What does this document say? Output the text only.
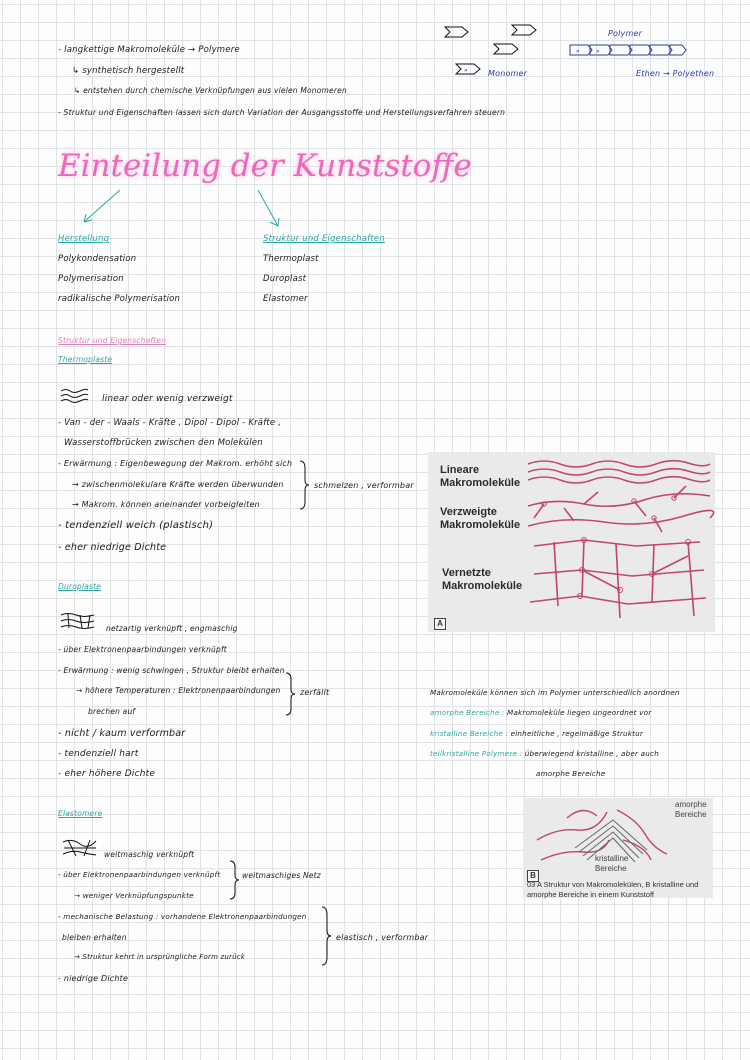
- langkettige Makromoleküle → Polymere
↳ synthetisch hergestellt
↳ entstehen durch chemische Verknüpfungen aus vielen Monomeren
- Struktur und Eigenschaften lassen sich durch Variation der Ausgangsstoffe und Herstellungsverfahren steuern
»	»
»
Polymer
Monomer	Ethen → Polyethen
Einteilung der Kunststoffe
Herstellung
Polykondensation
Polymerisation
radikalische Polymerisation
Struktur und Eigenschaften
Thermoplast
Duroplast
Elastomer
Struktur und Eigenschaften
Thermoplaste
linear oder wenig verzweigt
- Van - der - Waals - Kräfte , Dipol - Dipol - Kräfte ,
Wasserstoffbrücken zwischen den Molekülen
- Erwärmung : Eigenbewegung der Makrom. erhöht sich
→ zwischenmolekulare Kräfte werden überwunden
→ Makrom. können aneinander vorbeigleiten
schmelzen , verformbar
- tendenziell weich (plastisch)
- eher niedrige Dichte
Lineare
Makromoleküle
Verzweigte
Makromoleküle
Vernetzte
Makromoleküle
A
Duroplaste
netzartig verknüpft , engmaschig
- über Elektronenpaarbindungen verknüpft
- Erwärmung : wenig schwingen , Struktur bleibt erhalten
→ höhere Temperaturen : Elektronenpaarbindungen
brechen auf
zerfällt
- nicht / kaum verformbar
- tendenziell hart
- eher höhere Dichte
Makromoleküle können sich im Polymer unterschiedlich anordnen
amorphe Bereiche : Makromoleküle liegen ungeordnet vor
kristalline Bereiche : einheitliche , regelmäßige Struktur
teilkristalline Polymere : überwiegend kristalline , aber auch
amorphe Bereiche
amorphe
Bereiche
kristalline
Bereiche
B
03 A Struktur von Makromolekülen, B kristalline und
amorphe Bereiche in einem Kunststoff
Elastomere
weitmaschig verknüpft
- über Elektronenpaarbindungen verknüpft
→ weniger Verknüpfungspunkte
weitmaschiges Netz
- mechanische Belastung : vorhandene Elektronenpaarbindungen
bleiben erhalten
→ Struktur kehrt in ursprüngliche Form zurück
elastisch , verformbar
- niedrige Dichte
